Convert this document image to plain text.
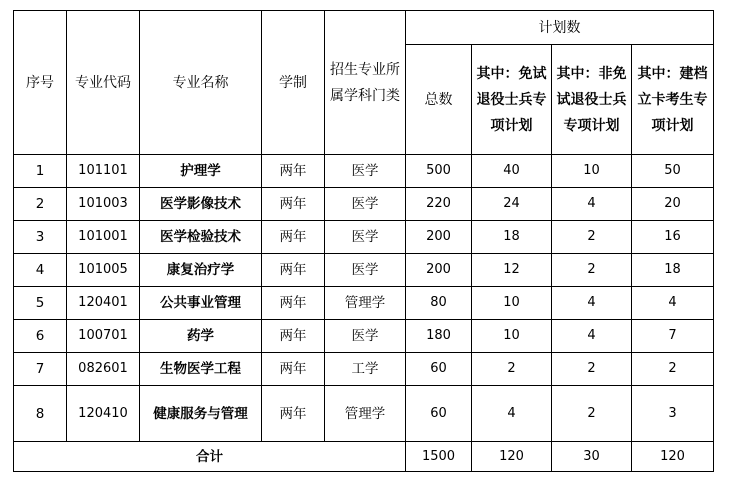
序号	专业代码	专业名称	学制	招生专业所属学科门类	计划数			
					总数	其中：免试退役士兵专项计划	其中：非免试退役士兵专项计划	其中：建档立卡考生专项计划
1	101101	护理学	两年	医学	500	40	10	50
2	101003	医学影像技术	两年	医学	220	24	4	20
3	101001	医学检验技术	两年	医学	200	18	2	16
4	101005	康复治疗学	两年	医学	200	12	2	18
5	120401	公共事业管理	两年	管理学	80	10	4	4
6	100701	药学	两年	医学	180	10	4	7
7	082601	生物医学工程	两年	工学	60	2	2	2
8	120410	健康服务与管理	两年	管理学	60	4	2	3
合计					1500	120	30	120
